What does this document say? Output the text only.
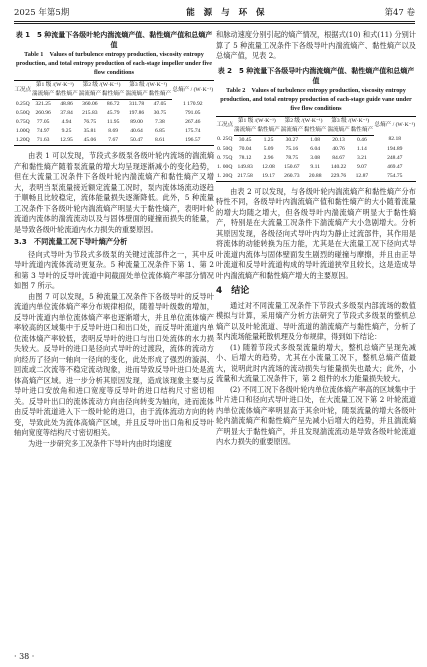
2025 年第5期	能 源 与 环 保	第47 卷
表 1　5 种流量下各级叶轮内湍流熵产值、黏性熵产值和总熵产值
Table 1　Values of turbulence entropy production, viscosity entropy production, and total entropy production of each-stage impeller under five flow conditions
工况点	第1 级 /(W·K⁻¹)		第2 级 /(W·K⁻¹)		第3 级 /(W·K⁻¹)		总熵产 / (W·K⁻¹)
	湍流熵产	黏性熵产	湍流熵产	黏性熵产	湍流熵产	黏性熵产	
0.25Q	321.25	48.86	360.06	86.72	311.78	47.05	1 170.92
0.50Q	260.96	37.84	215.83	45.79	197.86	30.75	791.05
0.75Q	77.05	4.94	76.75	11.95	89.00	7.38	267.46
1.00Q	74.97	9.25	35.81	8.69	40.64	6.85	175.74
1.20Q	71.63	12.95	45.06	7.67	50.47	8.61	196.57

由表 1 可以发现，节段式多级泵各级叶轮内流场的湍流熵产和黏性熵产随着泵流量的增大均呈现逐渐减小的变化趋势，但在大流量工况条件下各级叶轮内湍流熵产和黏性熵产又增大，表明当泵流量接近额定流量工况时，泵内流体场流动逐趋于顺畅且比较稳定，流体能量损失逐渐降低。此外，5 种流量工况条件下各级叶轮内湍流熵产明显大于黏性熵产，表明叶轮流道内流体的湍流流动以及与固体壁面的碰撞而损失的能量，是导致各级叶轮流道内水力损失的重要原因。

3.3　不同流量工况下导叶熵产分析

径向式导叶为节段式多级泵的关键过流部件之一，其中反导叶流道内流体流动更复杂。5 种流量工况条件下第 1、第 2 和第 3 导叶的反导叶流道中间截面处单位流体熵产率部分情况如图 7 所示。

由图 7 可以发现，5 种流量工况条件下各级导叶的反导叶流道内单位流体熵产率分布规律相似，随着导叶级数的增加，反导叶流道内单位流体熵产率也逐渐增大，并且单位流体熵产率较高的区域集中于反导叶进口和出口处，而反导叶流道内单位流体熵产率较低，表明反导叶的进口与出口处流体的水力损失较大。反导叶的进口是径向式导叶的过渡段，流体的流动方向经历了径向一轴向一径向的变化，此处形成了强烈的漩涡、回流或二次流等不稳定流动现象，进而导致反导叶进口处是流体高熵产区域。进一步分析其原因发现，造成该现象主要与反导叶进口安放角和进口宽度等反导叶的进口结构尺寸密切相关。反导叶出口的流体流动方向由径向转变为轴向，进而流体由反导叶流道进入下一级叶轮的进口，由于流体流动方向的转变，导致此处为流体高熵产区域，并且反导叶出口角和反导叶轴向宽度等结构尺寸密切相关。

为进一步研究多工况条件下导叶内由时均速度

和脉动速度分别引起的熵产情况，根据式(10) 和式(11) 分别计算了 5 种流量工况条件下各级导叶内湍流熵产、黏性熵产以及总熵产值，见表 2。

表 2　5 种流量下各级导叶内湍流熵产值、黏性熵产值和总熵产值
Table 2　Values of turbulence entropy production, viscosity entropy production, and total entropy production of each-stage guide vane under five flow conditions
工况点	第1 级 /(W·K⁻¹)		第2 级 /(W·K⁻¹)		第3 级 /(W·K⁻¹)		总熵产 / (W·K⁻¹)
	湍流熵产	黏性熵产	湍流熵产	黏性熵产	湍流熵产	黏性熵产	
0. 25Q	30.45	1.25	30.27	1.08	20.13	0.46	82.18
0. 50Q	70.04	5.09	75.16	6.04	40.76	1.14	194.89
0. 75Q	78.12	2.96	78.75	3.08	84.67	3.21	248.47
1. 00Q	149.83	12.08	150.67	9.11	140.22	9.07	469.47
1. 20Q	217.58	19.17	260.73	20.88	229.76	12.87	754.75

由表 2 可以发现，与各级叶轮内湍流熵产和黏性熵产分布特性不同，各级导叶内湍流熵产值和黏性熵产的大小随着流量的增大均随之增大，但各级导叶内湍流熵产明显大于黏性熵产，特别是在大流量工况条件下湍流熵产大小急剧增大。分析其原因发现，各级径向式导叶内均为静止过流部件，其作用是将流体的动能转换为压力能，尤其是在大流量工况下径向式导叶流道内流体与固体壁面发生剧烈的碰撞与摩擦，并且由正导叶流道和反导叶流道构成的导叶流道狭窄且较长，这是造成导叶内湍流熵产和黏性熵产增大的主要原因。

4　结论

通过对不同流量工况条件下节段式多级泵内部流场的数值模拟与计算，采用熵产分析方法研究了节段式多级泵的整机总熵产以及叶轮流道、导叶流道的湍流熵产与黏性熵产，分析了泵内流场能量耗散机理及分布规律，得到如下结论：

(1) 随着节段式多级泵流量的增大，整机总熵产呈现先减小、后增大的趋势，尤其在小流量工况下，整机总熵产值最大，说明此时内流场的流动损失与能量损失也最大；此外，小流量和大流量工况条件下，第 2 组件的水力能量损失较大。

(2) 不同工况下各级叶轮内单位流体熵产率高的区域集中于叶片进口和径向式导叶进口处，在大流量工况下第 2 叶轮流道内单位流体熵产率明显高于其余叶轮，随泵流量的增大各级叶轮内湍流熵产和黏性熵产呈先减小后增大的趋势，并且湍流熵产明显大于黏性熵产，并且发现湍流流动是导致各级叶轮流道内水力损失的重要原因。

· 38 ·
